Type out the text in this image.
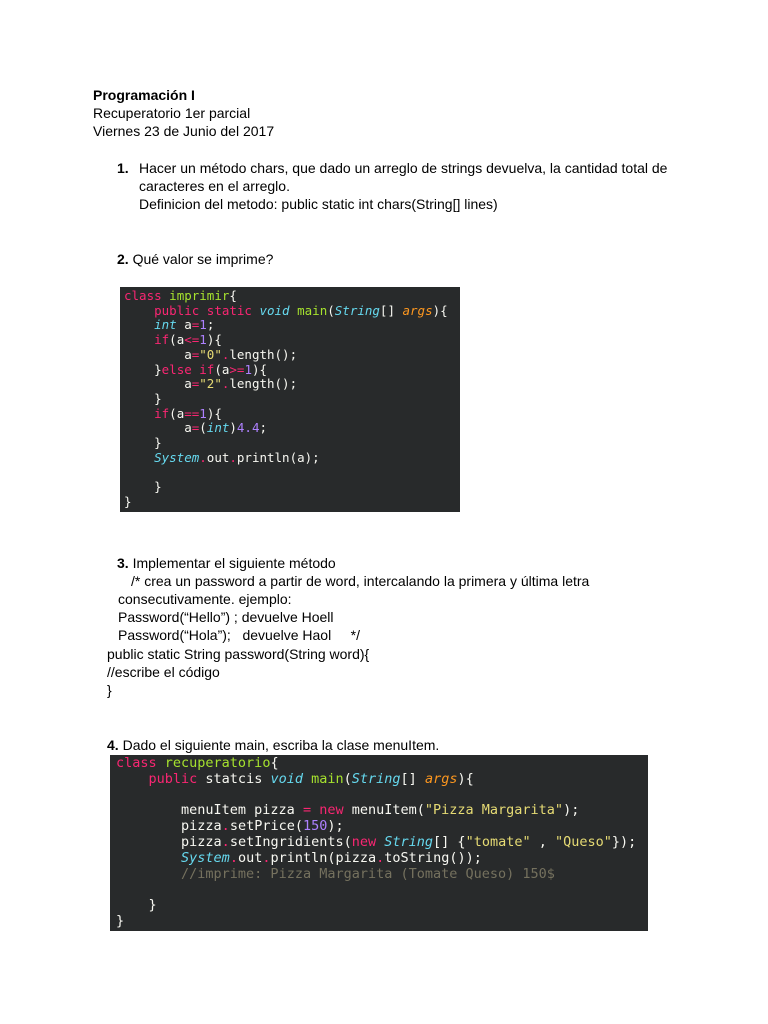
Programación I
Recuperatorio 1er parcial
Viernes 23 de Junio del 2017
1. Hacer un método chars, que dado un arreglo de strings devuelva, la cantidad total de
caracteres en el arreglo.
Definicion del metodo: public static int chars(String[] lines)
2. Qué valor se imprime?
class imprimir{
public static void main(String[] args){
int a=1;
if(a<=1){
a="0".length();
}else if(a>=1){
a="2".length();
}
if(a==1){
a=(int)4.4;
}
System.out.println(a);
}
}
3. Implementar el siguiente método
/* crea un password a partir de word, intercalando la primera y última letra
consecutivamente. ejemplo:
Password(“Hello”) ; devuelve Hoell
Password(“Hola”);   devuelve Haol     */
public static String password(String word){
//escribe el código
}
4. Dado el siguiente main, escriba la clase menuItem.
class recuperatorio{
public statcis void main(String[] args){
menuItem pizza = new menuItem("Pizza Margarita");
pizza.setPrice(150);
pizza.setIngridients(new String[] {"tomate" , "Queso"});
System.out.println(pizza.toString());
//imprime: Pizza Margarita (Tomate Queso) 150$
}
}
